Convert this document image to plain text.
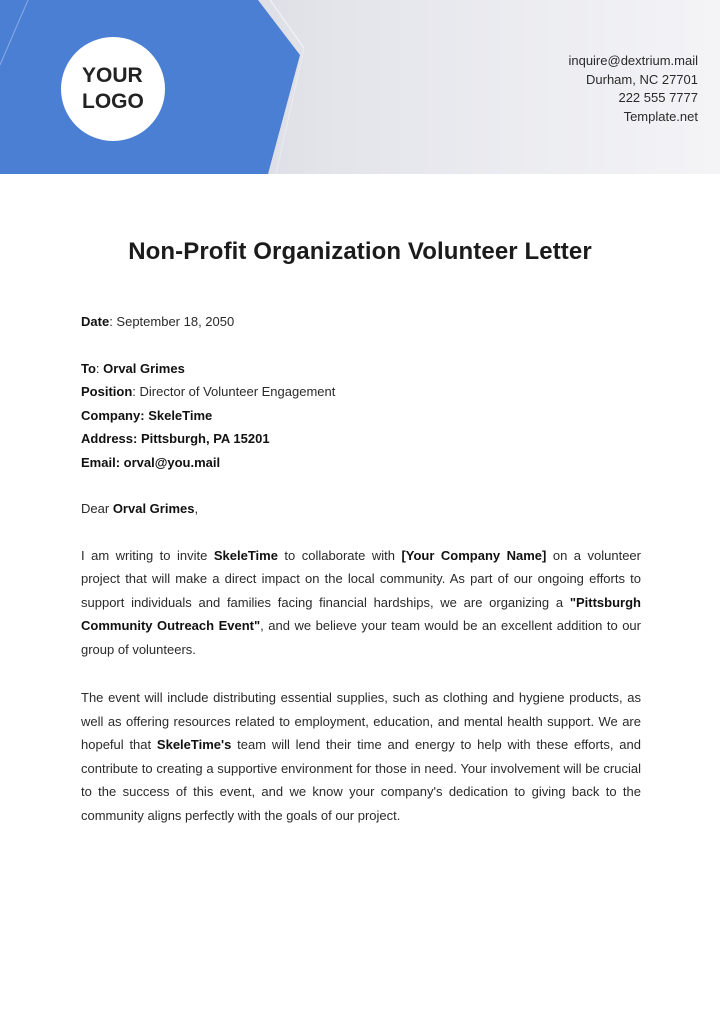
YOUR
LOGO
inquire@dextrium.mail
Durham, NC 27701
222 555 7777
Template.net
Non-Profit Organization Volunteer Letter
Date: September 18, 2050
To: Orval Grimes
Position: Director of Volunteer Engagement
Company: SkeleTime
Address: Pittsburgh, PA 15201
Email: orval@you.mail
Dear Orval Grimes,

I am writing to invite SkeleTime to collaborate with [Your Company Name] on a volunteer project that will make a direct impact on the local community. As part of our ongoing efforts to support individuals and families facing financial hardships, we are organizing a "Pittsburgh Community Outreach Event", and we believe your team would be an excellent addition to our group of volunteers.

The event will include distributing essential supplies, such as clothing and hygiene products, as well as offering resources related to employment, education, and mental health support. We are hopeful that SkeleTime's team will lend their time and energy to help with these efforts, and contribute to creating a supportive environment for those in need. Your involvement will be crucial to the success of this event, and we know your company's dedication to giving back to the community aligns perfectly with the goals of our project.
